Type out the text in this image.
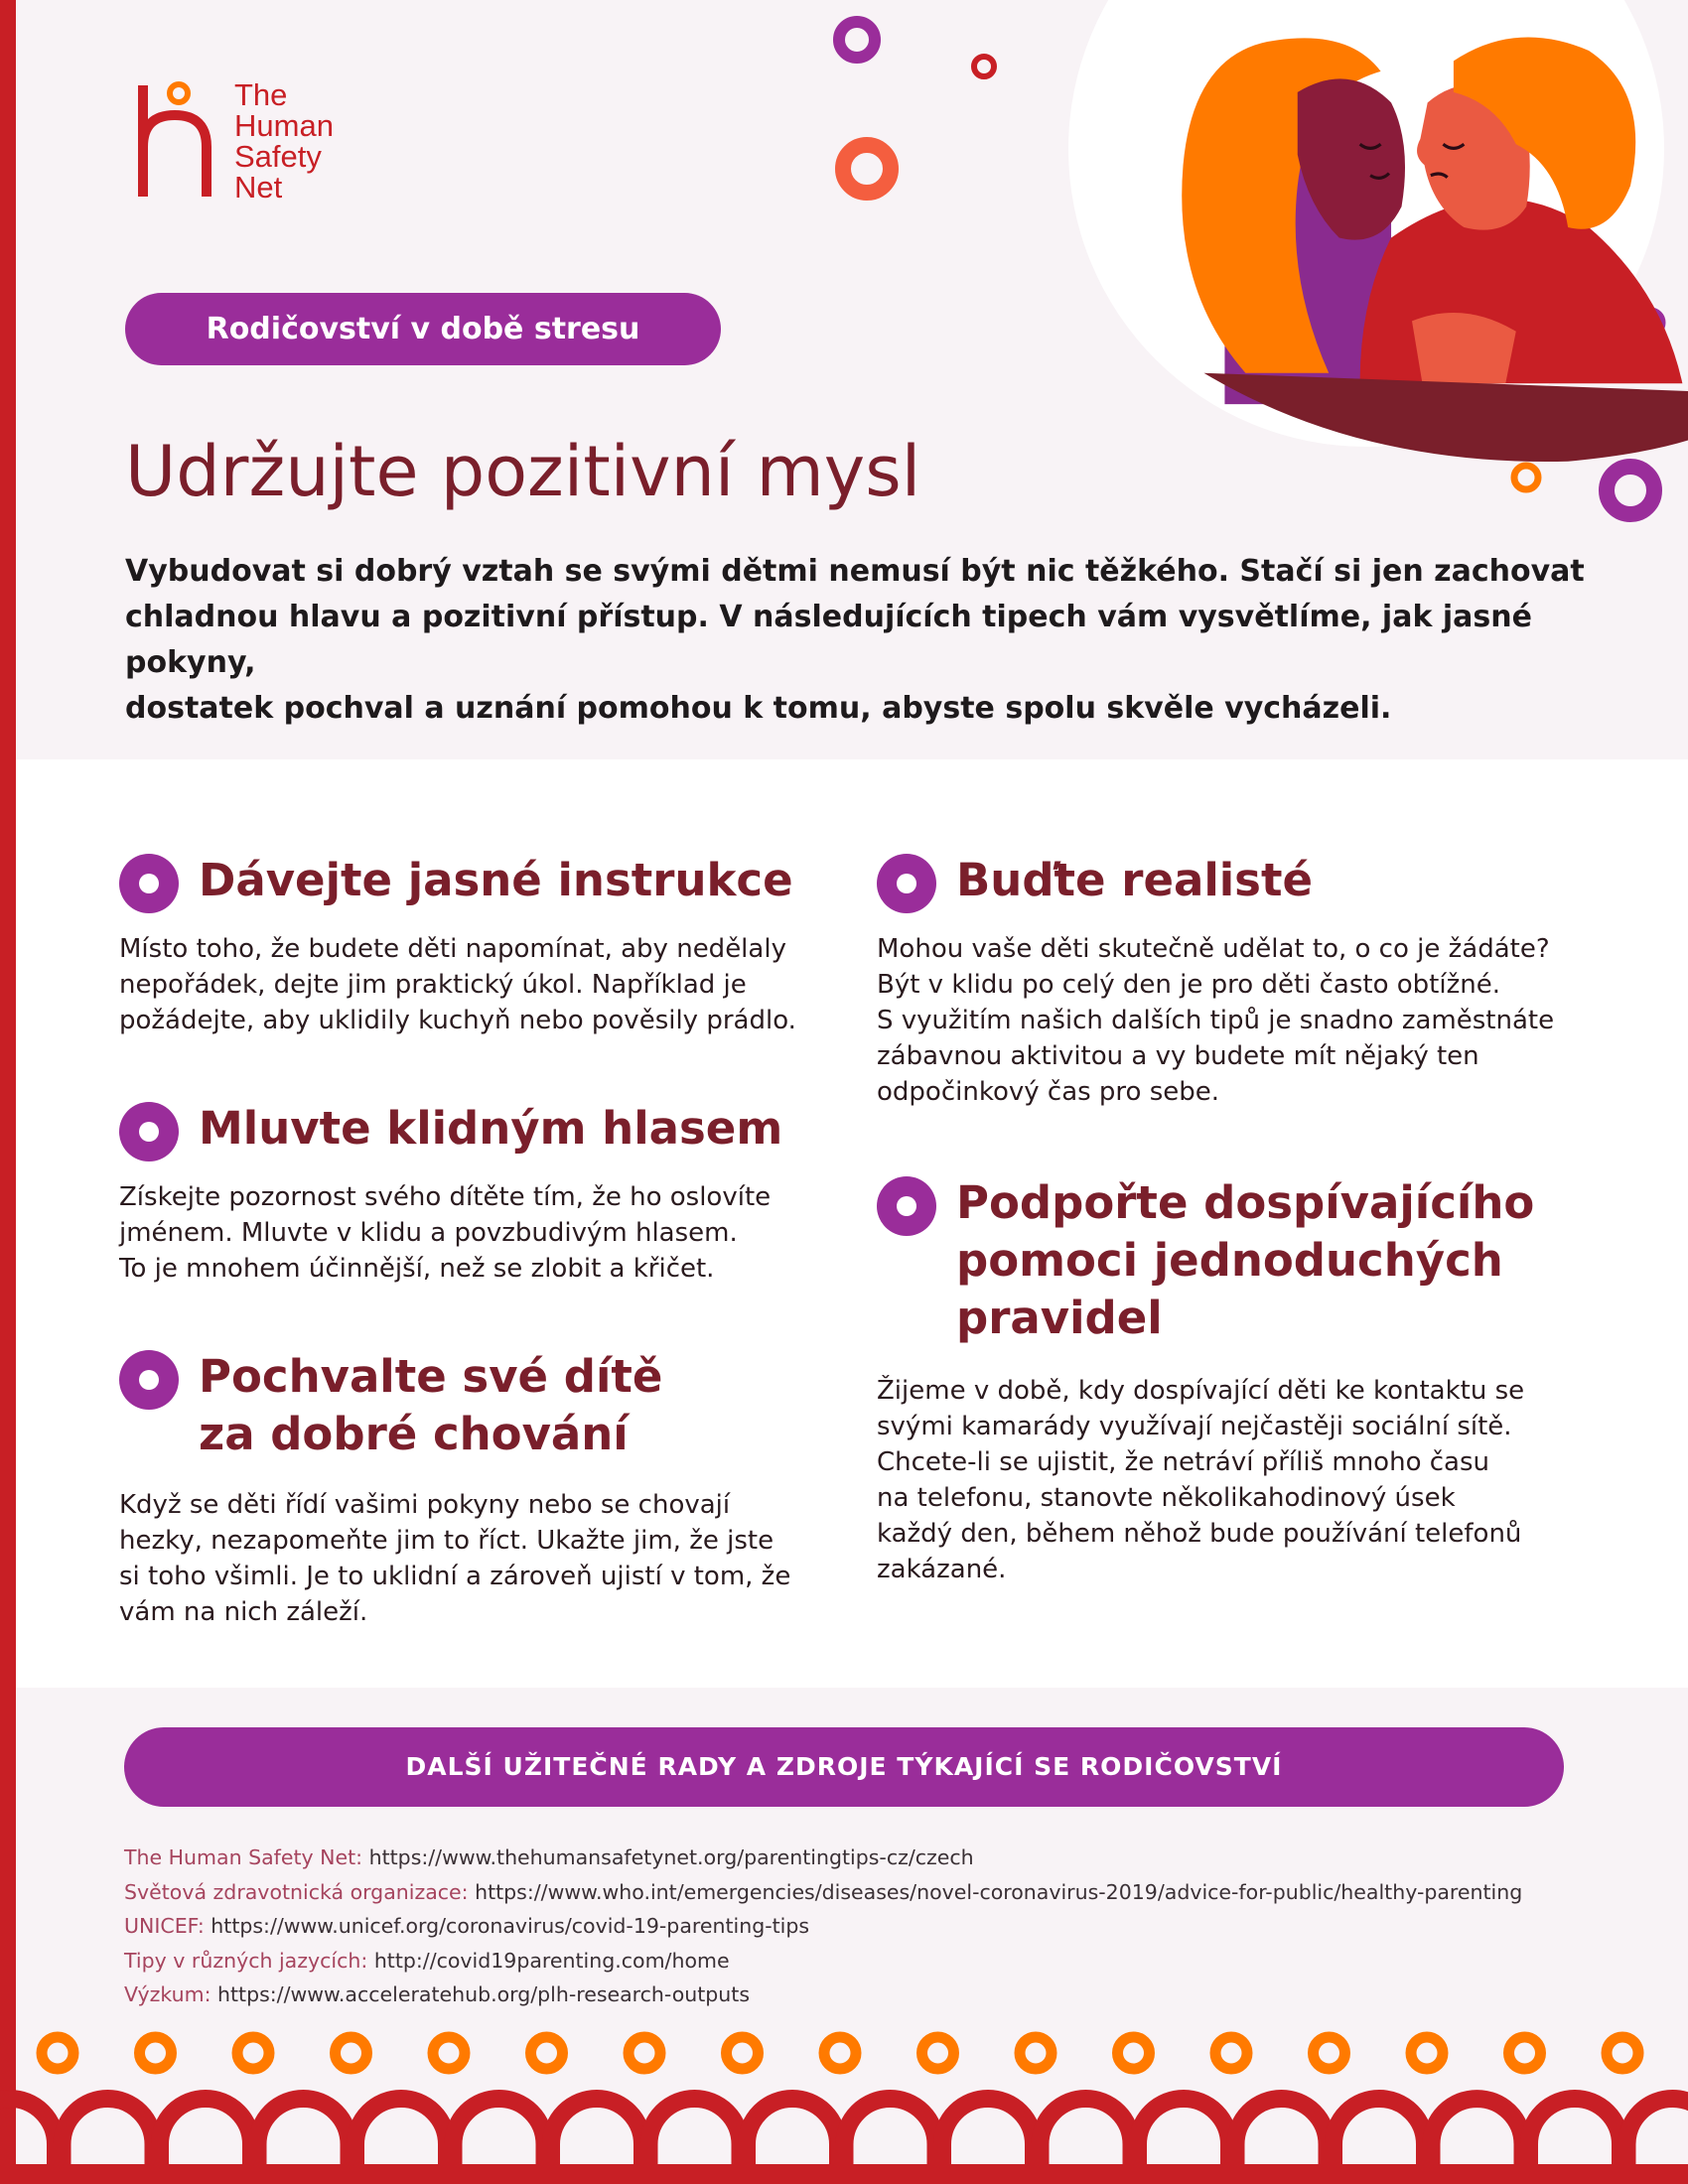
The
Human
Safety
Net
Rodičovství v době stresu
Udržujte pozitivní mysl
Vybudovat si dobrý vztah se svými dětmi nemusí být nic těžkého. Stačí si jen zachovat
chladnou hlavu a pozitivní přístup. V následujících tipech vám vysvětlíme, jak jasné pokyny,
dostatek pochval a uznání pomohou k tomu, abyste spolu skvěle vycházeli.
Dávejte jasné instrukce
Místo toho, že budete děti napomínat, aby nedělaly
nepořádek, dejte jim praktický úkol. Například je
požádejte, aby uklidily kuchyň nebo pověsily prádlo.
Mluvte klidným hlasem
Získejte pozornost svého dítěte tím, že ho oslovíte
jménem. Mluvte v klidu a povzbudivým hlasem.
To je mnohem účinnější, než se zlobit a křičet.
Pochvalte své dítě
za dobré chování
Když se děti řídí vašimi pokyny nebo se chovají
hezky, nezapomeňte jim to říct. Ukažte jim, že jste
si toho všimli. Je to uklidní a zároveň ujistí v tom, že
vám na nich záleží.
Buďte realisté
Mohou vaše děti skutečně udělat to, o co je žádáte?
Být v klidu po celý den je pro děti často obtížné.
S využitím našich dalších tipů je snadno zaměstnáte
zábavnou aktivitou a vy budete mít nějaký ten
odpočinkový čas pro sebe.
Podpořte dospívajícího
pomoci jednoduchých
pravidel
Žijeme v době, kdy dospívající děti ke kontaktu se
svými kamarády využívají nejčastěji sociální sítě.
Chcete-li se ujistit, že netráví příliš mnoho času
na telefonu, stanovte několikahodinový úsek
každý den, během něhož bude používání telefonů
zakázané.
DALŠÍ UŽITEČNÉ RADY A ZDROJE TÝKAJÍCÍ SE RODIČOVSTVÍ
The Human Safety Net: https://www.thehumansafetynet.org/parentingtips-cz/czech
Světová zdravotnická organizace: https://www.who.int/emergencies/diseases/novel-coronavirus-2019/advice-for-public/healthy-parenting
UNICEF: https://www.unicef.org/coronavirus/covid-19-parenting-tips
Tipy v různých jazycích: http://covid19parenting.com/home
Výzkum: https://www.acceleratehub.org/plh-research-outputs
